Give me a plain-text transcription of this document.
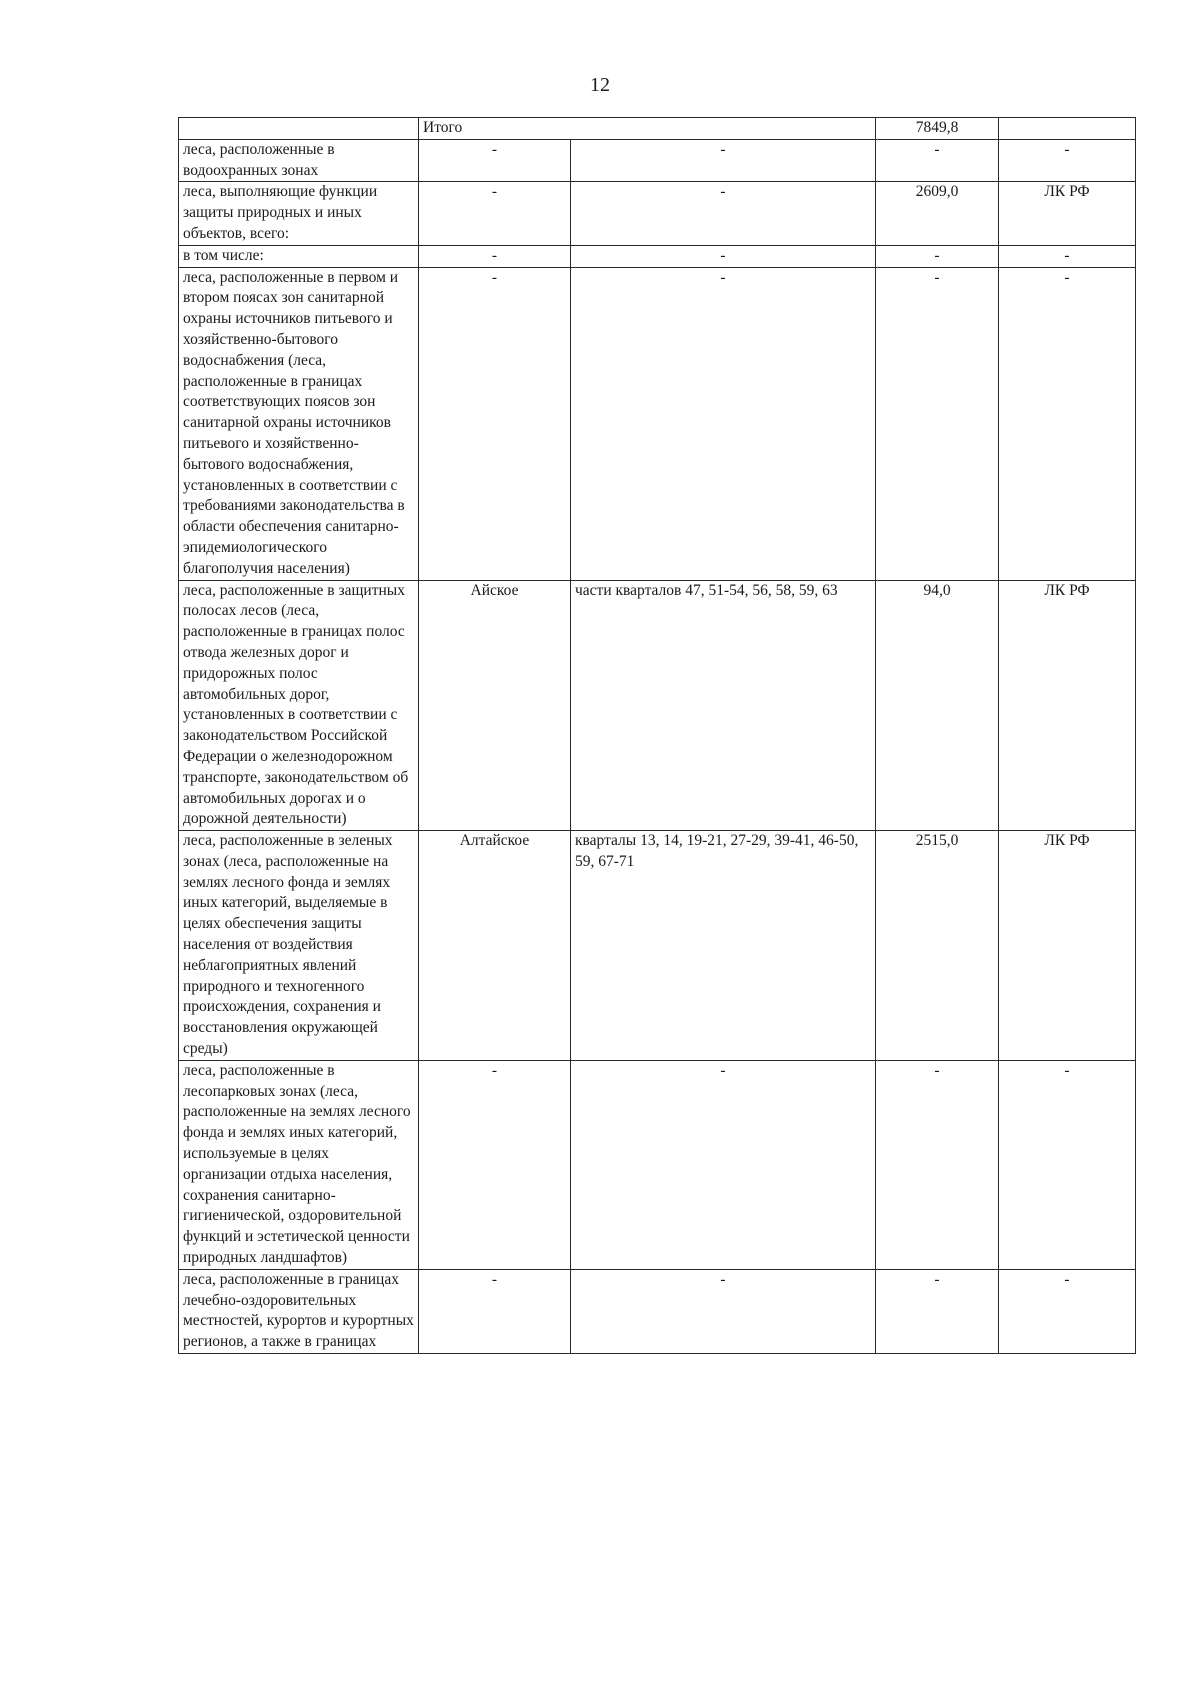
12
	Итого		7849,8	
леса, расположенные в водоохранных зонах	-	-	-	-
леса, выполняющие функции защиты природных и иных объектов, всего:	-	-	2609,0	ЛК РФ
в том числе:	-	-	-	-
леса, расположенные в первом и втором поясах зон санитарной охраны источников питьевого и хозяйственно-бытового водоснабжения (леса, расположенные в границах соответствующих поясов зон санитарной охраны источников питьевого и хозяйственно-бытового водоснабжения, установленных в соответствии с требованиями законодательства в области обеспечения санитарно-эпидемиологического благополучия населения)	-	-	-	-
леса, расположенные в защитных полосах лесов (леса, расположенные в границах полос отвода железных дорог и придорожных полос автомобильных дорог, установленных в соответствии с законодательством Российской Федерации о железнодорожном транспорте, законодательством об автомобильных дорогах и о дорожной деятельности)	Айское	части кварталов 47, 51-54, 56, 58, 59, 63	94,0	ЛК РФ
леса, расположенные в зеленых зонах (леса, расположенные на землях лесного фонда и землях иных категорий, выделяемые в целях обеспечения защиты населения от воздействия неблагоприятных явлений природного и техногенного происхождения, сохранения и восстановления окружающей среды)	Алтайское	кварталы 13, 14, 19-21, 27-29, 39-41, 46-50, 59, 67-71	2515,0	ЛК РФ
леса, расположенные в лесопарковых зонах (леса, расположенные на землях лесного фонда и землях иных категорий, используемые в целях организации отдыха населения, сохранения санитарно-гигиенической, оздоровительной функций и эстетической ценности природных ландшафтов)	-	-	-	-
леса, расположенные в границах лечебно-оздоровительных местностей, курортов и курортных регионов, а также в границах	-	-	-	-
